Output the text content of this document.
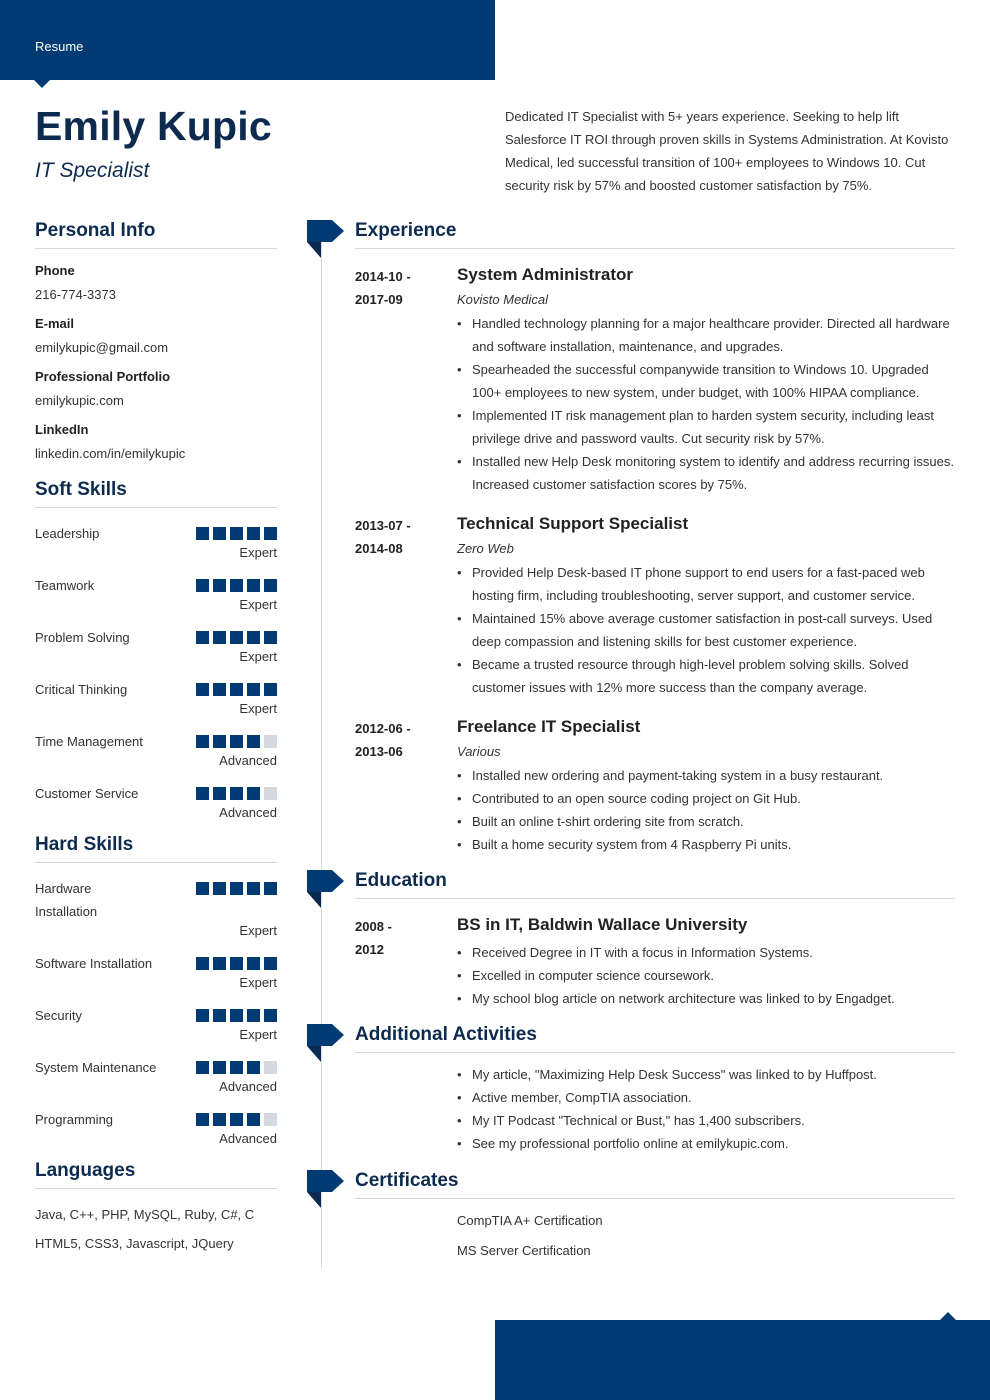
Resume
Emily Kupic
IT Specialist
Dedicated IT Specialist with 5+ years experience. Seeking to help lift Salesforce IT ROI through proven skills in Systems Administration. At Kovisto Medical, led successful transition of 100+ employees to Windows 10. Cut security risk by 57% and boosted customer satisfaction by 75%.
Personal Info
Phone
216-774-3373
E-mail
emilykupic@gmail.com
Professional Portfolio
emilykupic.com
LinkedIn
linkedin.com/in/emilykupic
Soft Skills
Leadership
Expert
Teamwork
Expert
Problem Solving
Expert
Critical Thinking
Expert
Time Management
Advanced
Customer Service
Advanced
Hard Skills
Hardware Installation
Expert
Software Installation
Expert
Security
Expert
System Maintenance
Advanced
Programming
Advanced
Languages
Java, C++, PHP, MySQL, Ruby, C#, C
HTML5, CSS3, Javascript, JQuery
Experience
2014-10 -
2017-09
System Administrator
Kovisto Medical
• Handled technology planning for a major healthcare provider. Directed all hardware and software installation, maintenance, and upgrades.
• Spearheaded the successful companywide transition to Windows 10. Upgraded 100+ employees to new system, under budget, with 100% HIPAA compliance.
• Implemented IT risk management plan to harden system security, including least privilege drive and password vaults. Cut security risk by 57%.
• Installed new Help Desk monitoring system to identify and address recurring issues. Increased customer satisfaction scores by 75%.
2013-07 -
2014-08
Technical Support Specialist
Zero Web
• Provided Help Desk-based IT phone support to end users for a fast-paced web hosting firm, including troubleshooting, server support, and customer service.
• Maintained 15% above average customer satisfaction in post-call surveys. Used deep compassion and listening skills for best customer experience.
• Became a trusted resource through high-level problem solving skills. Solved customer issues with 12% more success than the company average.
2012-06 -
2013-06
Freelance IT Specialist
Various
• Installed new ordering and payment-taking system in a busy restaurant.
• Contributed to an open source coding project on Git Hub.
• Built an online t-shirt ordering site from scratch.
• Built a home security system from 4 Raspberry Pi units.
Education
2008 -
2012
BS in IT, Baldwin Wallace University
• Received Degree in IT with a focus in Information Systems.
• Excelled in computer science coursework.
• My school blog article on network architecture was linked to by Engadget.
Additional Activities
• My article, "Maximizing Help Desk Success" was linked to by Huffpost.
• Active member, CompTIA association.
• My IT Podcast "Technical or Bust," has 1,400 subscribers.
• See my professional portfolio online at emilykupic.com.
Certificates
CompTIA A+ Certification
MS Server Certification
